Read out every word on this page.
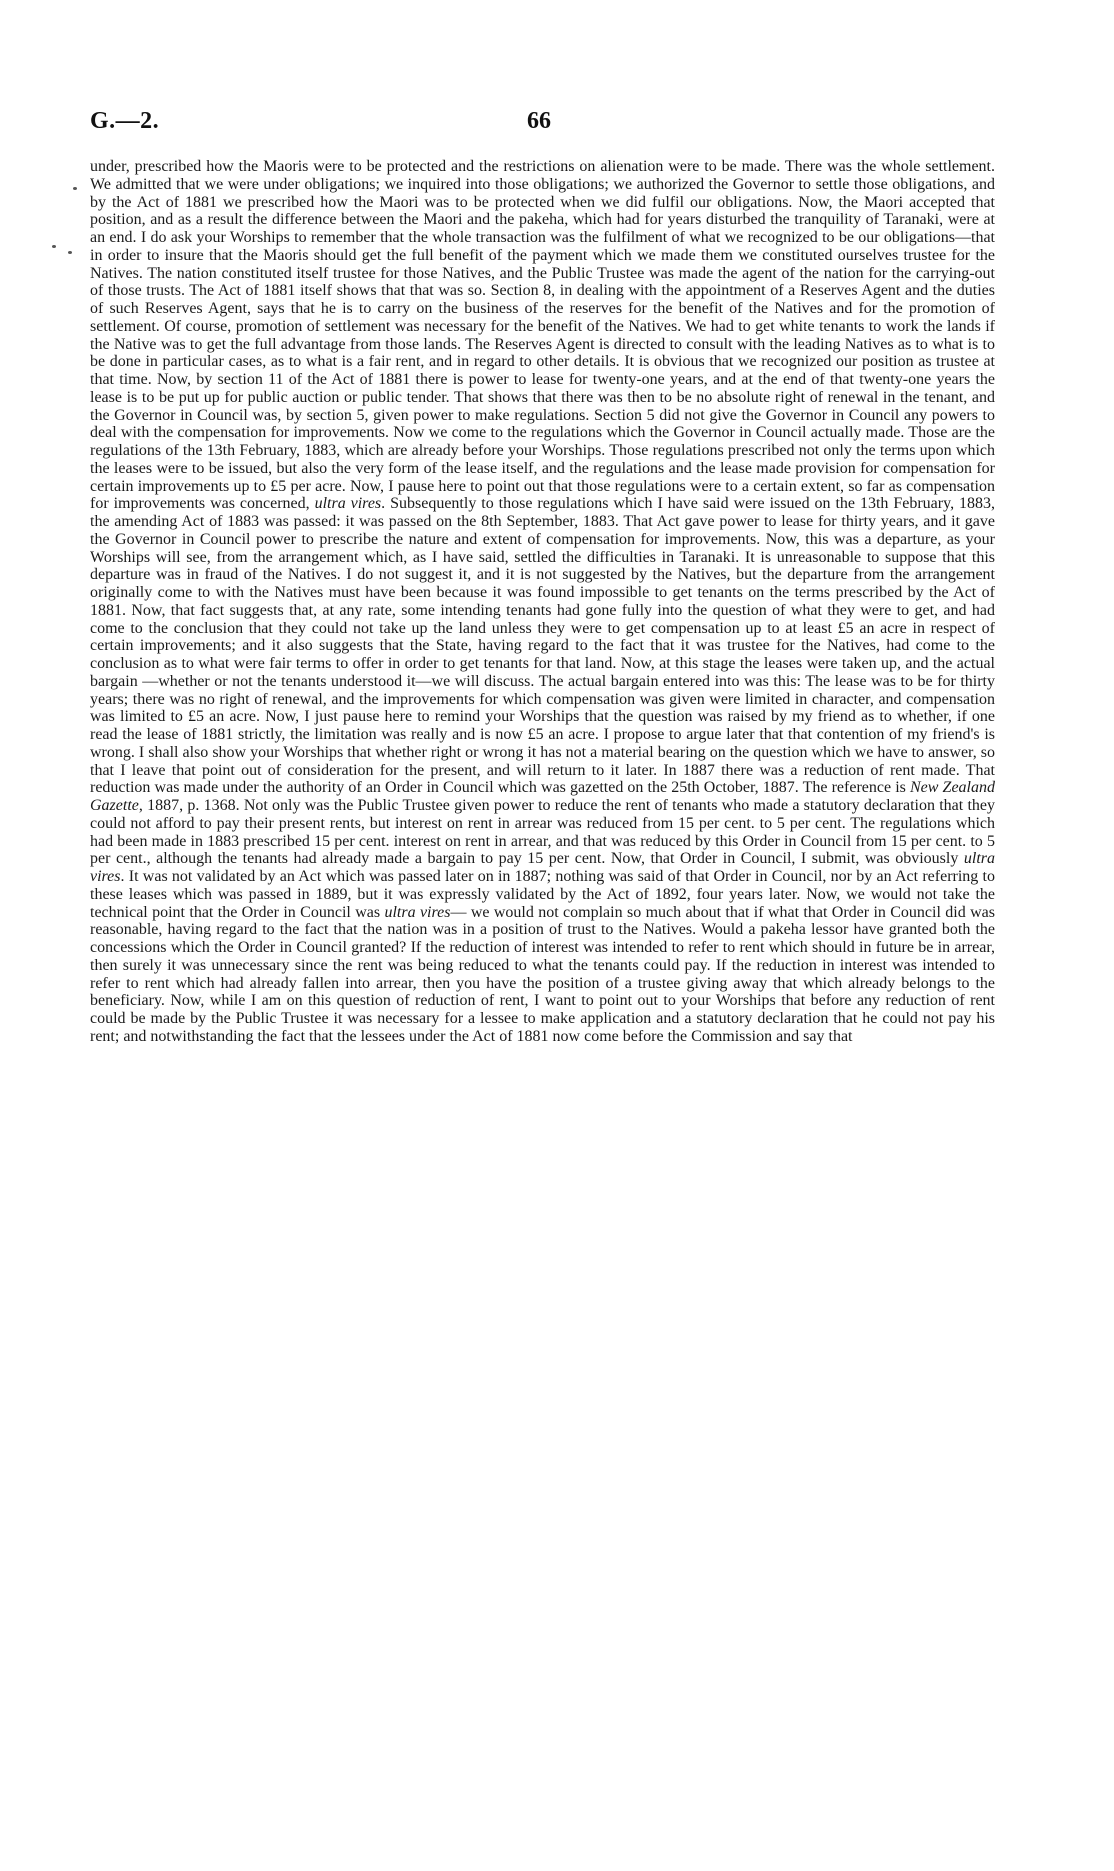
G.—2.	66

under, prescribed how the Maoris were to be protected and the restrictions on alienation were to be made. There was the whole settlement. We admitted that we were under obligations; we inquired into those obligations; we authorized the Governor to settle those obligations, and by the Act of 1881 we prescribed how the Maori was to be protected when we did fulfil our obligations. Now, the Maori accepted that position, and as a result the difference between the Maori and the pakeha, which had for years disturbed the tranquility of Taranaki, were at an end. I do ask your Worships to remember that the whole transaction was the fulfilment of what we recognized to be our obligations—that in order to insure that the Maoris should get the full benefit of the payment which we made them we constituted ourselves trustee for the Natives. The nation constituted itself trustee for those Natives, and the Public Trustee was made the agent of the nation for the carrying-out of those trusts. The Act of 1881 itself shows that that was so. Section 8, in dealing with the appointment of a Reserves Agent and the duties of such Reserves Agent, says that he is to carry on the business of the reserves for the benefit of the Natives and for the promotion of settlement. Of course, promotion of settlement was necessary for the benefit of the Natives. We had to get white tenants to work the lands if the Native was to get the full advantage from those lands. The Reserves Agent is directed to consult with the leading Natives as to what is to be done in particular cases, as to what is a fair rent, and in regard to other details. It is obvious that we recognized our position as trustee at that time. Now, by section 11 of the Act of 1881 there is power to lease for twenty-one years, and at the end of that twenty-one years the lease is to be put up for public auction or public tender. That shows that there was then to be no absolute right of renewal in the tenant, and the Governor in Council was, by section 5, given power to make regulations. Section 5 did not give the Governor in Council any powers to deal with the compensation for improvements. Now we come to the regulations which the Governor in Council actually made. Those are the regulations of the 13th February, 1883, which are already before your Worships. Those regulations prescribed not only the terms upon which the leases were to be issued, but also the very form of the lease itself, and the regulations and the lease made provision for compensation for certain improvements up to £5 per acre. Now, I pause here to point out that those regulations were to a certain extent, so far as compensation for improvements was concerned, ultra vires. Subsequently to those regulations which I have said were issued on the 13th February, 1883, the amending Act of 1883 was passed: it was passed on the 8th September, 1883. That Act gave power to lease for thirty years, and it gave the Governor in Council power to prescribe the nature and extent of compensation for improvements. Now, this was a departure, as your Worships will see, from the arrangement which, as I have said, settled the difficulties in Taranaki. It is unreasonable to suppose that this departure was in fraud of the Natives. I do not suggest it, and it is not suggested by the Natives, but the departure from the arrangement originally come to with the Natives must have been because it was found impossible to get tenants on the terms prescribed by the Act of 1881. Now, that fact suggests that, at any rate, some intending tenants had gone fully into the question of what they were to get, and had come to the conclusion that they could not take up the land unless they were to get compensation up to at least £5 an acre in respect of certain improvements; and it also suggests that the State, having regard to the fact that it was trustee for the Natives, had come to the conclusion as to what were fair terms to offer in order to get tenants for that land. Now, at this stage the leases were taken up, and the actual bargain —whether or not the tenants understood it—we will discuss. The actual bargain entered into was this: The lease was to be for thirty years; there was no right of renewal, and the improvements for which compensation was given were limited in character, and compensation was limited to £5 an acre. Now, I just pause here to remind your Worships that the question was raised by my friend as to whether, if one read the lease of 1881 strictly, the limitation was really and is now £5 an acre. I propose to argue later that that contention of my friend's is wrong. I shall also show your Worships that whether right or wrong it has not a material bearing on the question which we have to answer, so that I leave that point out of consideration for the present, and will return to it later. In 1887 there was a reduction of rent made. That reduction was made under the authority of an Order in Council which was gazetted on the 25th October, 1887. The reference is New Zealand Gazette, 1887, p. 1368. Not only was the Public Trustee given power to reduce the rent of tenants who made a statutory declaration that they could not afford to pay their present rents, but interest on rent in arrear was reduced from 15 per cent. to 5 per cent. The regulations which had been made in 1883 prescribed 15 per cent. interest on rent in arrear, and that was reduced by this Order in Council from 15 per cent. to 5 per cent., although the tenants had already made a bargain to pay 15 per cent. Now, that Order in Council, I submit, was obviously ultra vires. It was not validated by an Act which was passed later on in 1887; nothing was said of that Order in Council, nor by an Act referring to these leases which was passed in 1889, but it was expressly validated by the Act of 1892, four years later. Now, we would not take the technical point that the Order in Council was ultra vires— we would not complain so much about that if what that Order in Council did was reasonable, having regard to the fact that the nation was in a position of trust to the Natives. Would a pakeha lessor have granted both the concessions which the Order in Council granted? If the reduction of interest was intended to refer to rent which should in future be in arrear, then surely it was unnecessary since the rent was being reduced to what the tenants could pay. If the reduction in interest was intended to refer to rent which had already fallen into arrear, then you have the position of a trustee giving away that which already belongs to the beneficiary. Now, while I am on this question of reduction of rent, I want to point out to your Worships that before any reduction of rent could be made by the Public Trustee it was necessary for a lessee to make application and a statutory declaration that he could not pay his rent; and notwithstanding the fact that the lessees under the Act of 1881 now come before the Commission and say that
